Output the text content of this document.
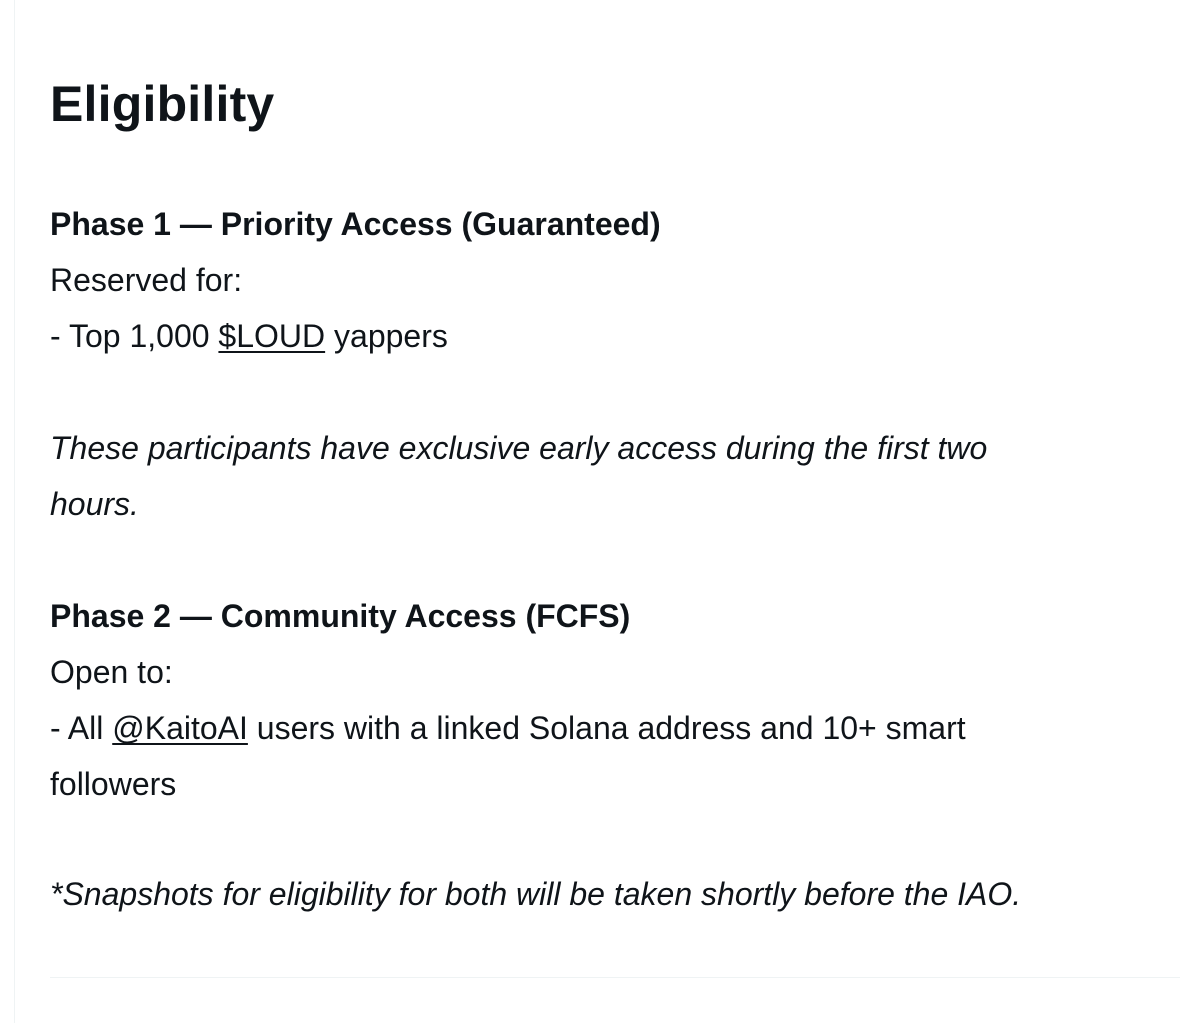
Eligibility
Phase 1 — Priority Access (Guaranteed)
Reserved for:
- Top 1,000 $LOUD yappers
These participants have exclusive early access during the first two
hours.
Phase 2 — Community Access (FCFS)
Open to:
- All @KaitoAI users with a linked Solana address and 10+ smart
followers
*Snapshots for eligibility for both will be taken shortly before the IAO.
